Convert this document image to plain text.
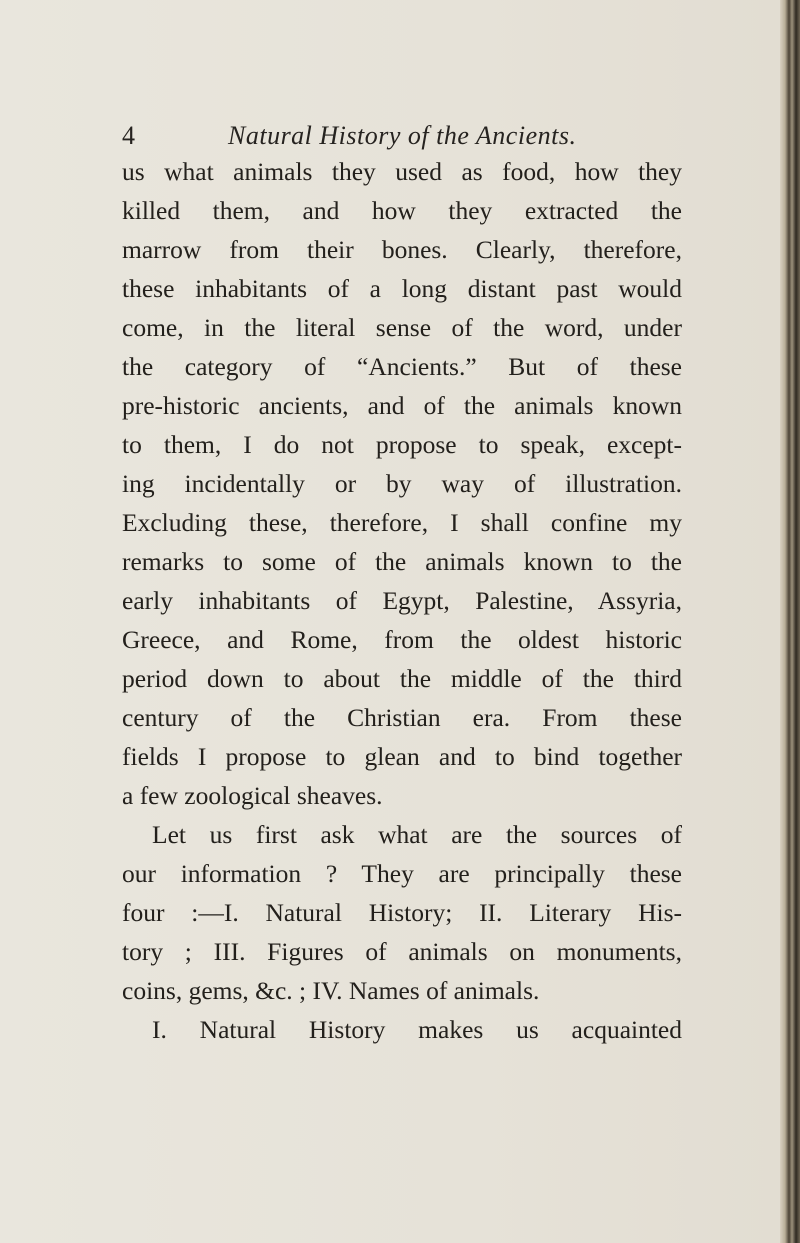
4	Natural History of the Ancients.
us what animals they used as food, how they
killed them, and how they extracted the
marrow from their bones. Clearly, therefore,
these inhabitants of a long distant past would
come, in the literal sense of the word, under
the category of “Ancients.” But of these
pre-historic ancients, and of the animals known
to them, I do not propose to speak, except-
ing incidentally or by way of illustration.
Excluding these, therefore, I shall confine my
remarks to some of the animals known to the
early inhabitants of Egypt, Palestine, Assyria,
Greece, and Rome, from the oldest historic
period down to about the middle of the third
century of the Christian era. From these
fields I propose to glean and to bind together
a few zoological sheaves.
Let us first ask what are the sources of
our information ? They are principally these
four :—I. Natural History; II. Literary His-
tory ; III. Figures of animals on monuments,
coins, gems, &c. ; IV. Names of animals.
I. Natural History makes us acquainted
